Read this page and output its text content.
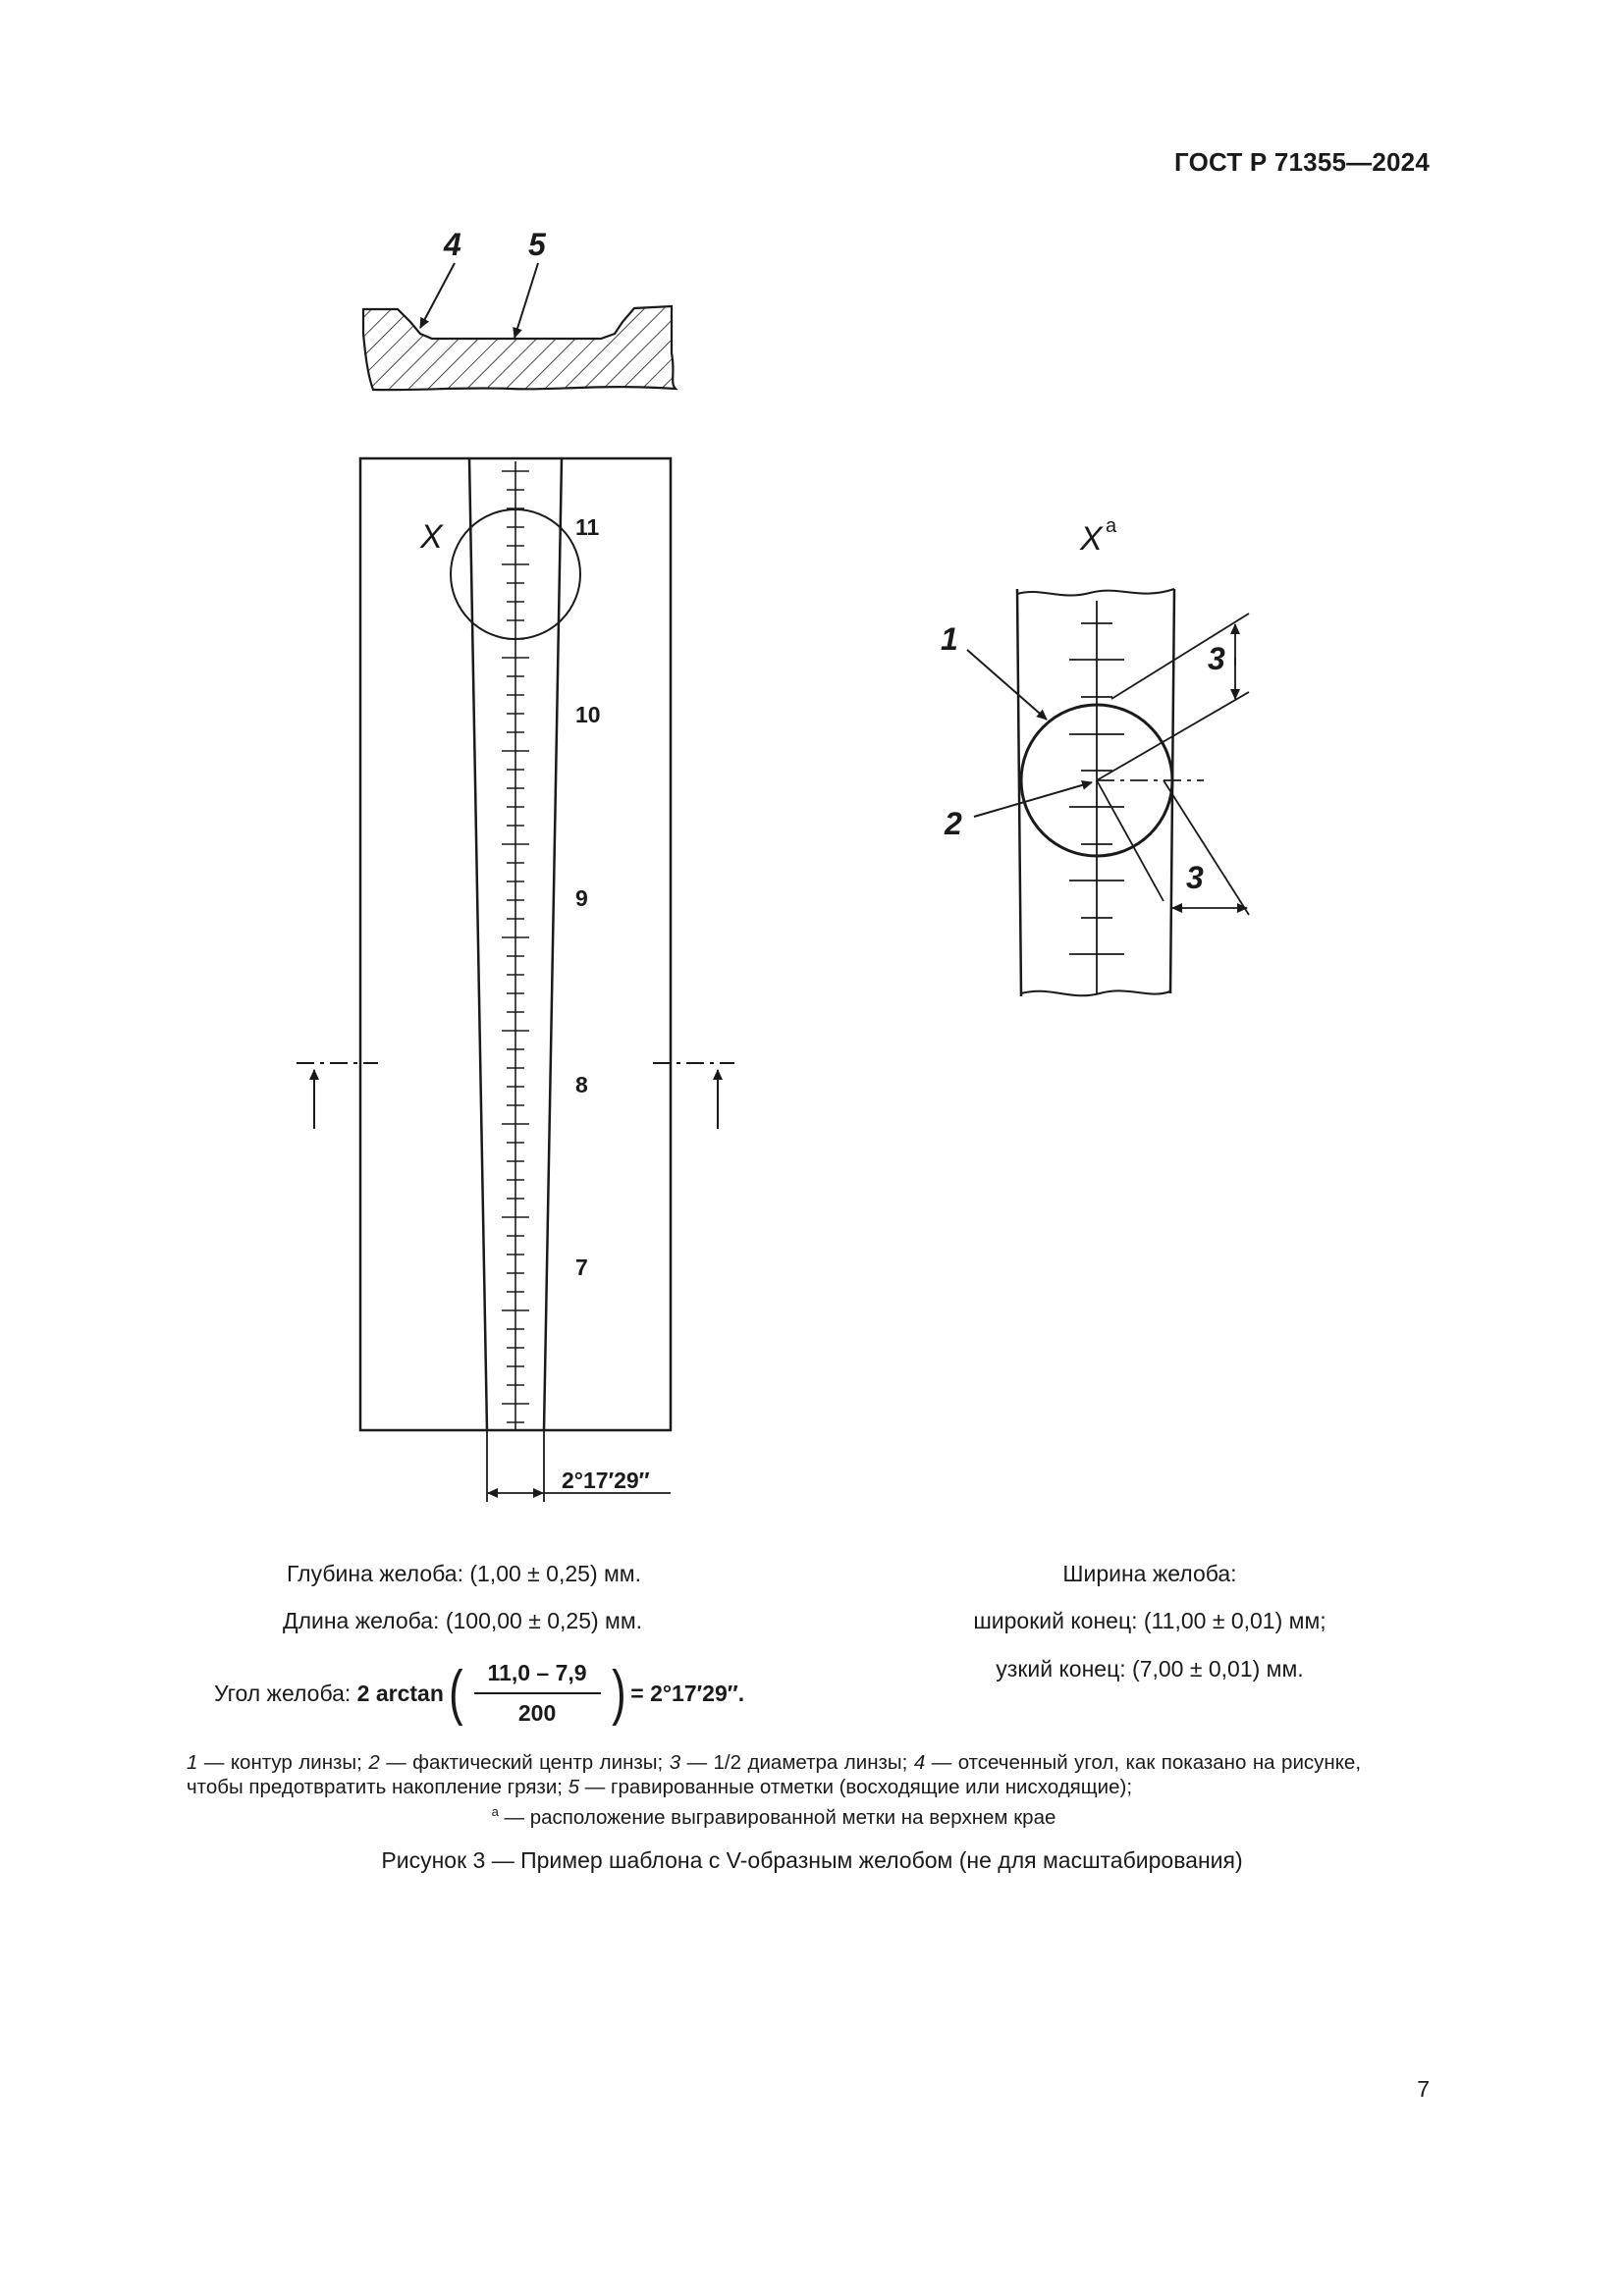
ГОСТ Р 71355—2024
4 5
11
10
9
8
7
X
2°17′29″
X a
3
3
1
2
Глубина желоба: (1,00 ± 0,25) мм.
Длина желоба: (100,00 ± 0,25) мм.
Угол желоба:
2 arctan ( $\frac{11,0 - 7,9}{200}$ ) = 2°17′29″.
Ширина желоба:
широкий конец: (11,00 ± 0,01) мм;
узкий конец: (7,00 ± 0,01) мм.
1 — контур линзы; 2 — фактический центр линзы; 3 — 1/2 диаметра линзы; 4 — отсеченный угол, как показано на рисунке, чтобы предотвратить накопление грязи; 5 — гравированные отметки (восходящие или нисходящие);
$^a$ — расположение выгравированной метки на верхнем крае
Рисунок 3 — Пример шаблона с V-образным желобом (не для масштабирования)
7
